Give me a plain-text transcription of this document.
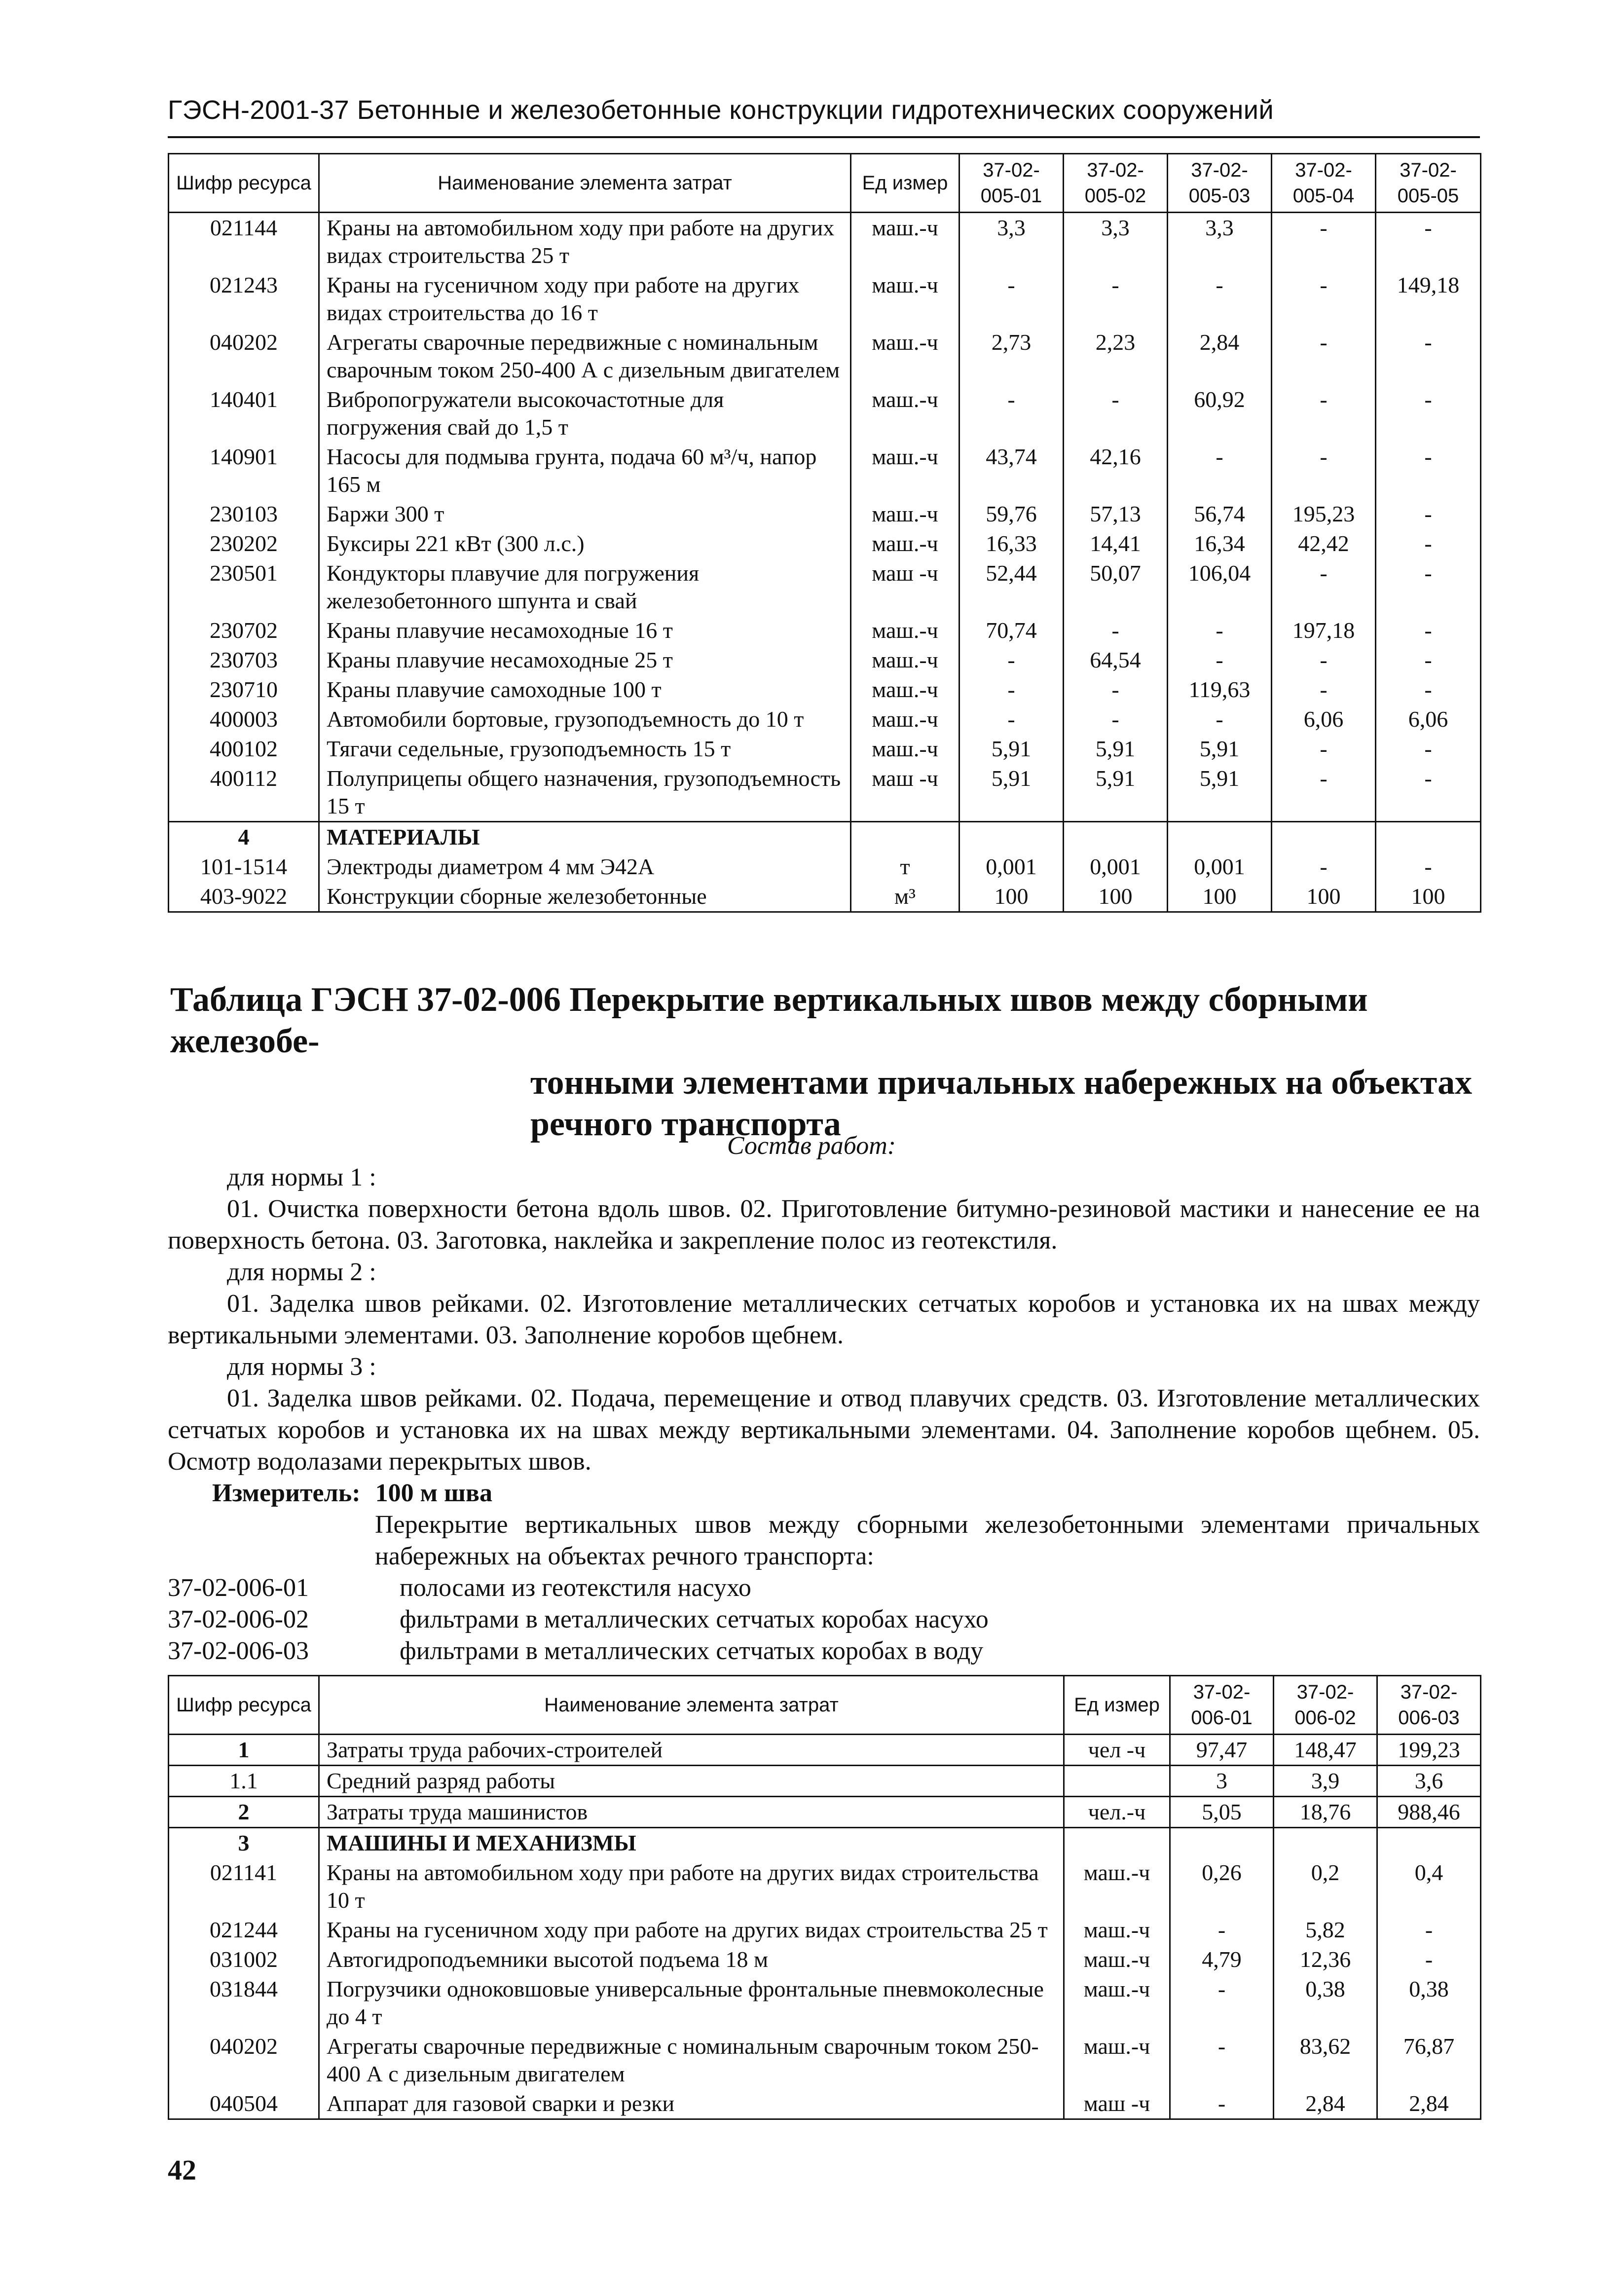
ГЭСН-2001-37 Бетонные и железобетонные конструкции гидротехнических сооружений
Шифр ресурса	Наименование элемента затрат	Ед измер	37-02-005-01	37-02-005-02	37-02-005-03	37-02-005-04	37-02-005-05
021144	Краны на автомобильном ходу при работе на других видах строительства 25 т	маш.-ч	3,3	3,3	3,3	-	-
021243	Краны на гусеничном ходу при работе на других видах строительства до 16 т	маш.-ч	-	-	-	-	149,18
040202	Агрегаты сварочные передвижные с номинальным сварочным током 250-400 А с дизельным двигателем	маш.-ч	2,73	2,23	2,84	-	-
140401	Вибропогружатели высокочастотные для погружения свай до 1,5 т	маш.-ч	-	-	60,92	-	-
140901	Насосы для подмыва грунта, подача 60 м³/ч, напор 165 м	маш.-ч	43,74	42,16	-	-	-
230103	Баржи 300 т	маш.-ч	59,76	57,13	56,74	195,23	-
230202	Буксиры 221 кВт (300 л.с.)	маш.-ч	16,33	14,41	16,34	42,42	-
230501	Кондукторы плавучие для погружения железобетонного шпунта и свай	маш -ч	52,44	50,07	106,04	-	-
230702	Краны плавучие несамоходные 16 т	маш.-ч	70,74	-	-	197,18	-
230703	Краны плавучие несамоходные 25 т	маш.-ч	-	64,54	-	-	-
230710	Краны плавучие самоходные 100 т	маш.-ч	-	-	119,63	-	-
400003	Автомобили бортовые, грузоподъемность до 10 т	маш.-ч	-	-	-	6,06	6,06
400102	Тягачи седельные, грузоподъемность 15 т	маш.-ч	5,91	5,91	5,91	-	-
400112	Полуприцепы общего назначения, грузоподъемность 15 т	маш -ч	5,91	5,91	5,91	-	-
4	МАТЕРИАЛЫ						
101-1514	Электроды диаметром 4 мм Э42А	т	0,001	0,001	0,001	-	-
403-9022	Конструкции сборные железобетонные	м³	100	100	100	100	100
Таблица ГЭСН 37-02-006 Перекрытие вертикальных швов между сборными железобе-
тонными элементами причальных набережных на объектах
речного транспорта
Состав работ:

для нормы 1 :

01. Очистка поверхности бетона вдоль швов. 02. Приготовление битумно-резиновой мастики и нанесение ее на поверхность бетона. 03. Заготовка, наклейка и закрепление полос из геотекстиля.

для нормы 2 :

01. Заделка швов рейками. 02. Изготовление металлических сетчатых коробов и установка их на швах между вертикальными элементами. 03. Заполнение коробов щебнем.

для нормы 3 :

01. Заделка швов рейками. 02. Подача, перемещение и отвод плавучих средств. 03. Изготовление металлических сетчатых коробов и установка их на швах между вертикальными элементами. 04. Заполнение коробов щебнем. 05. Осмотр водолазами перекрытых швов.

Измеритель: 100 м шва

Перекрытие вертикальных швов между сборными железобетонными элементами причальных набережных на объектах речного транспорта:

37-02-006-01	полосами из геотекстиля насухо
37-02-006-02	фильтрами в металлических сетчатых коробах насухо
37-02-006-03	фильтрами в металлических сетчатых коробах в воду
Шифр ресурса	Наименование элемента затрат	Ед измер	37-02-006-01	37-02-006-02	37-02-006-03
1	Затраты труда рабочих-строителей	чел -ч	97,47	148,47	199,23
1.1	Средний разряд работы		3	3,9	3,6
2	Затраты труда машинистов	чел.-ч	5,05	18,76	988,46
3	МАШИНЫ И МЕХАНИЗМЫ				
021141	Краны на автомобильном ходу при работе на других видах строительства 10 т	маш.-ч	0,26	0,2	0,4
021244	Краны на гусеничном ходу при работе на других видах строительства 25 т	маш.-ч	-	5,82	-
031002	Автогидроподъемники высотой подъема 18 м	маш.-ч	4,79	12,36	-
031844	Погрузчики одноковшовые универсальные фронтальные пневмоколесные до 4 т	маш.-ч	-	0,38	0,38
040202	Агрегаты сварочные передвижные с номинальным сварочным током 250-400 А с дизельным двигателем	маш.-ч	-	83,62	76,87
040504	Аппарат для газовой сварки и резки	маш -ч	-	2,84	2,84
42
